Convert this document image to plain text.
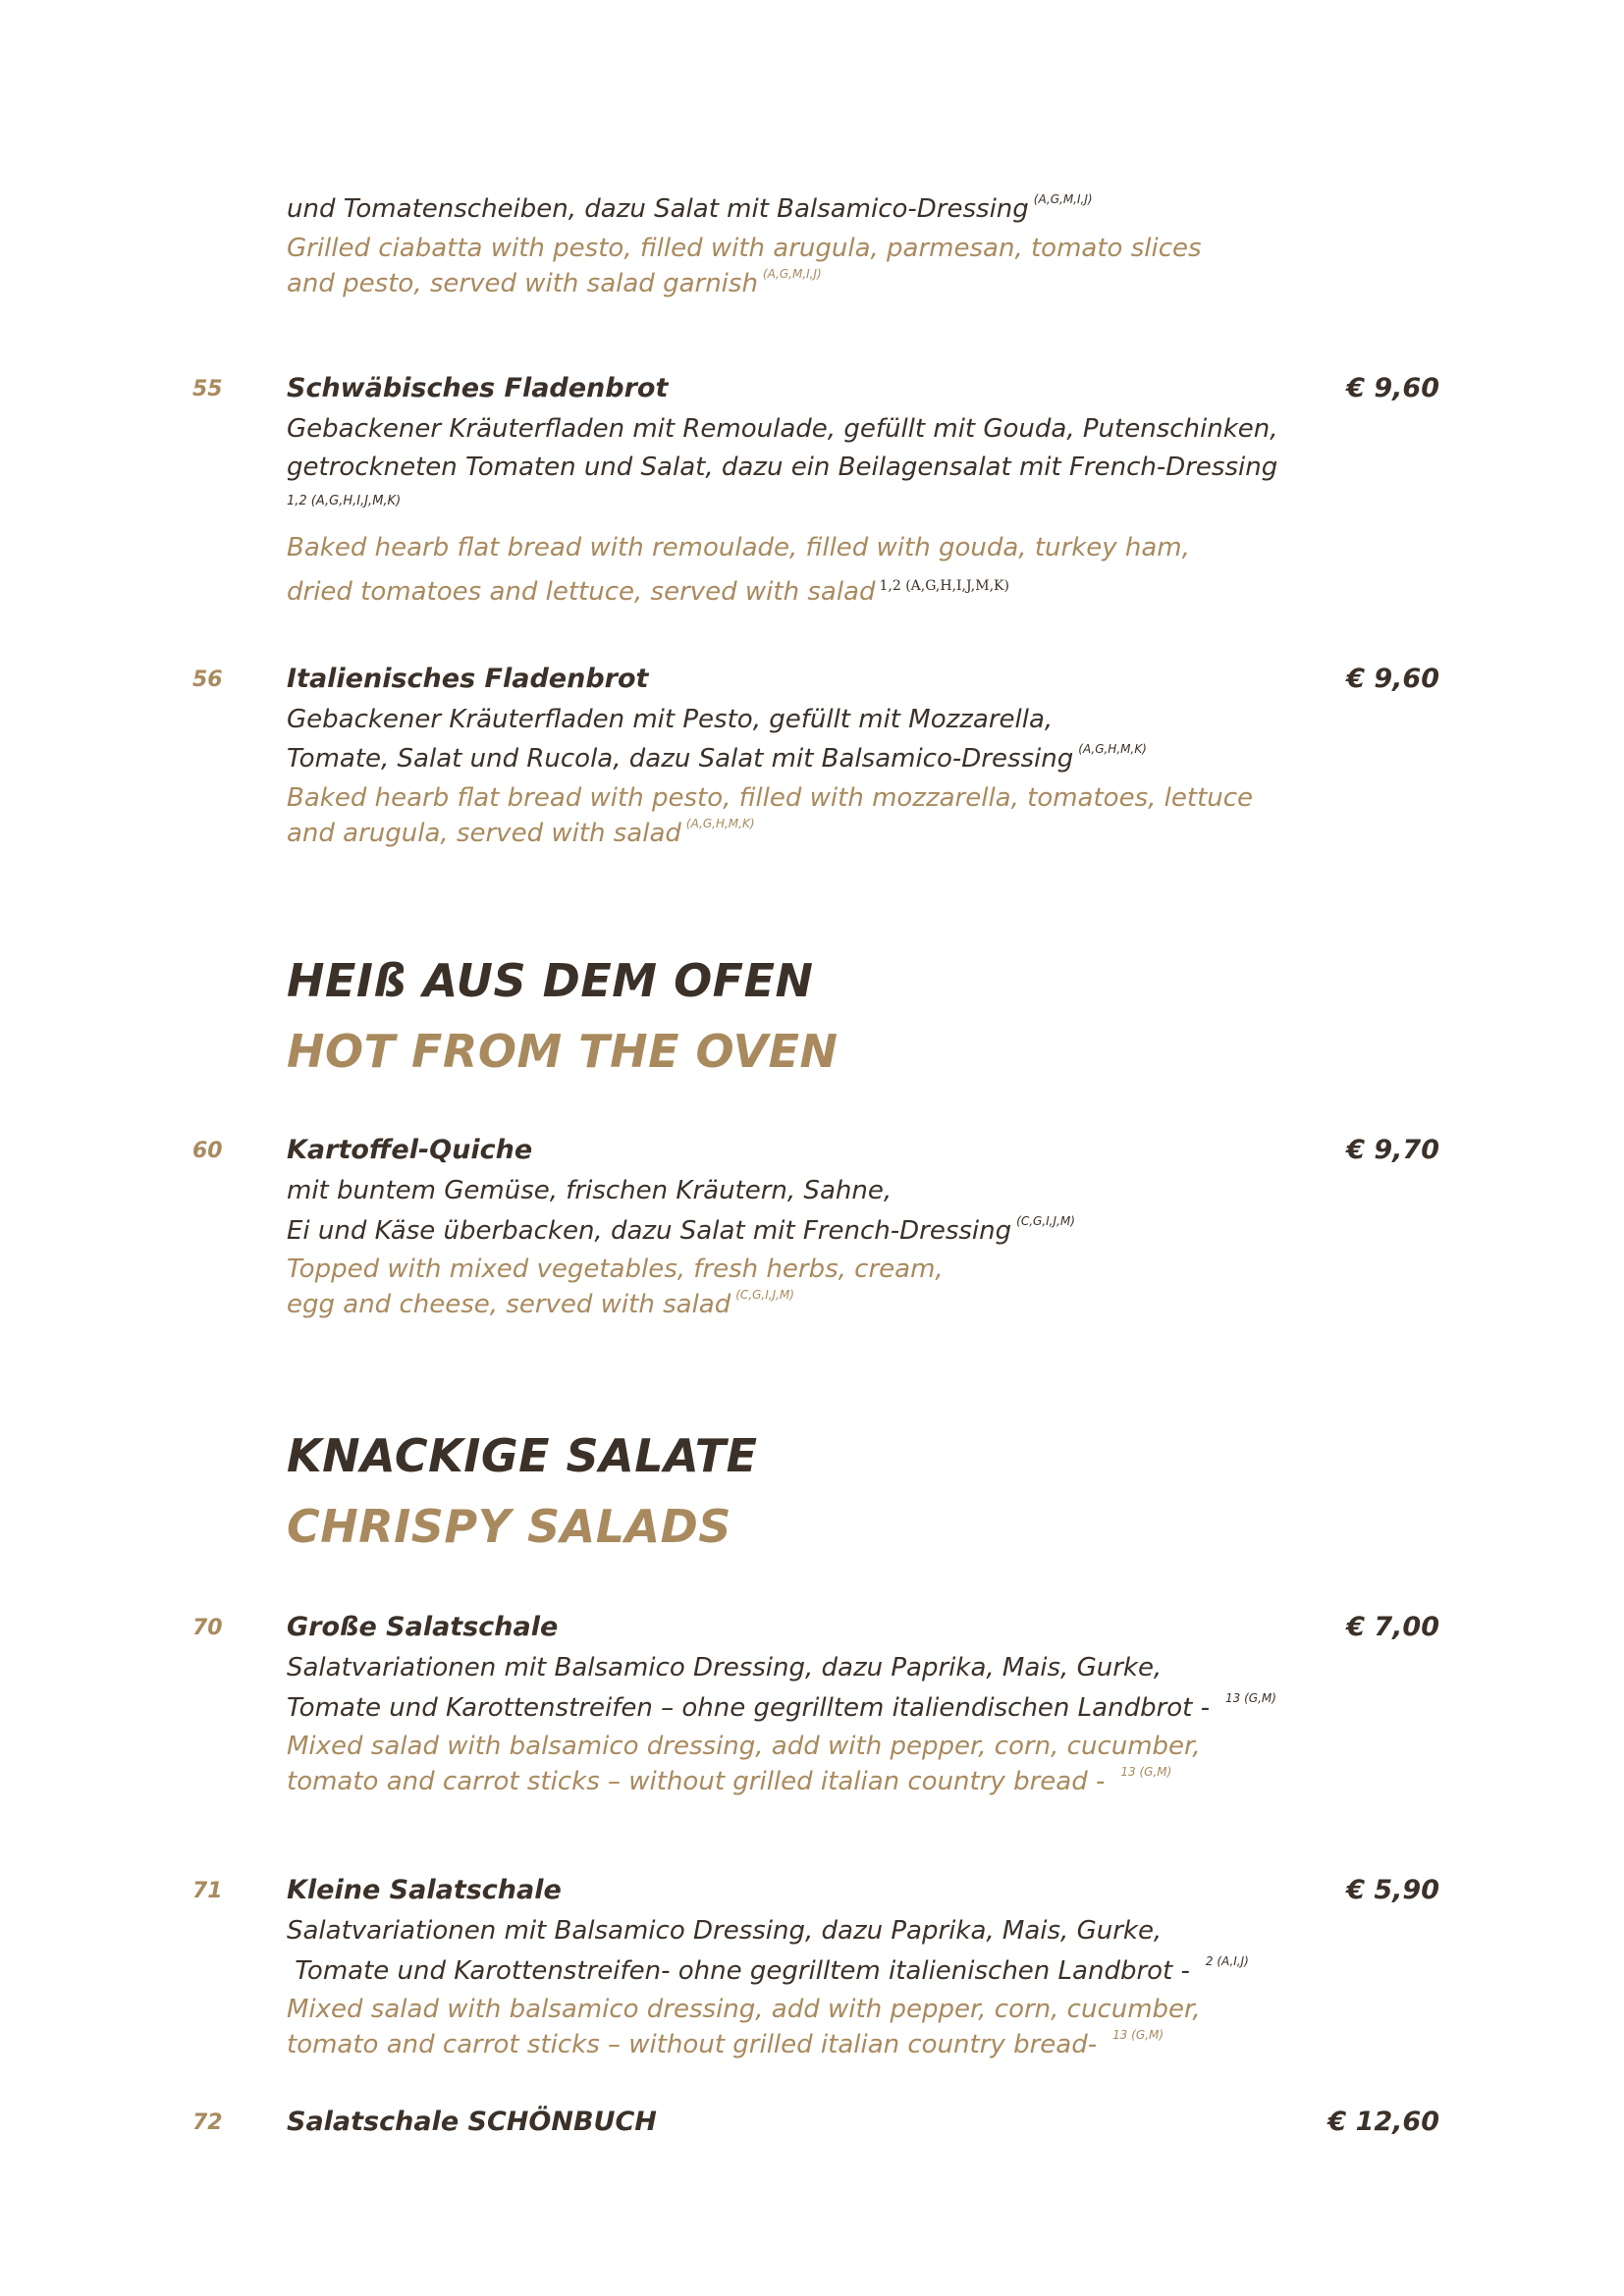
und Tomatenscheiben, dazu Salat mit Balsamico-Dressing $^{(A,G,M,I,J)}$
Grilled ciabatta with pesto, filled with arugula, parmesan, tomato slices
and pesto, served with salad garnish $^{(A,G,M,I,J)}$
55 Schwäbisches Fladenbrot	€ 9,60
Gebackener Kräuterfladen mit Remoulade, gefüllt mit Gouda, Putenschinken,
getrockneten Tomaten und Salat, dazu ein Beilagensalat mit French-Dressing
1,2 (A,G,H,I,J,M,K)
Baked hearb flat bread with remoulade, filled with gouda, turkey ham,
dried tomatoes and lettuce, served with salad $^{1,2 (A,G,H,I,J,M,K)}$
56 Italienisches Fladenbrot	€ 9,60
Gebackener Kräuterfladen mit Pesto, gefüllt mit Mozzarella,
Tomate, Salat und Rucola, dazu Salat mit Balsamico-Dressing $^{(A,G,H,M,K)}$
Baked hearb flat bread with pesto, filled with mozzarella, tomatoes, lettuce
and arugula, served with salad $^{(A,G,H,M,K)}$
HEIß AUS DEM OFEN
HOT FROM THE OVEN
60 Kartoffel-Quiche	€ 9,70
mit buntem Gemüse, frischen Kräutern, Sahne,
Ei und Käse überbacken, dazu Salat mit French-Dressing $^{(C,G,I,J,M)}$
Topped with mixed vegetables, fresh herbs, cream,
egg and cheese, served with salad $^{(C,G,I,J,M)}$
KNACKIGE SALATE
CHRISPY SALADS
70 Große Salatschale	€ 7,00
Salatvariationen mit Balsamico Dressing, dazu Paprika, Mais, Gurke,
Tomate und Karottenstreifen – ohne gegrilltem italiendischen Landbrot - $^{13 (G,M)}$
Mixed salad with balsamico dressing, add with pepper, corn, cucumber,
tomato and carrot sticks – without grilled italian country bread - $^{13 (G,M)}$
71 Kleine Salatschale	€ 5,90
Salatvariationen mit Balsamico Dressing, dazu Paprika, Mais, Gurke,
Tomate und Karottenstreifen- ohne gegrilltem italienischen Landbrot - $^{2 (A,I,J)}$
Mixed salad with balsamico dressing, add with pepper, corn, cucumber,
tomato and carrot sticks – without grilled italian country bread- $^{13 (G,M)}$
72 Salatschale SCHÖNBUCH	€ 12,60
